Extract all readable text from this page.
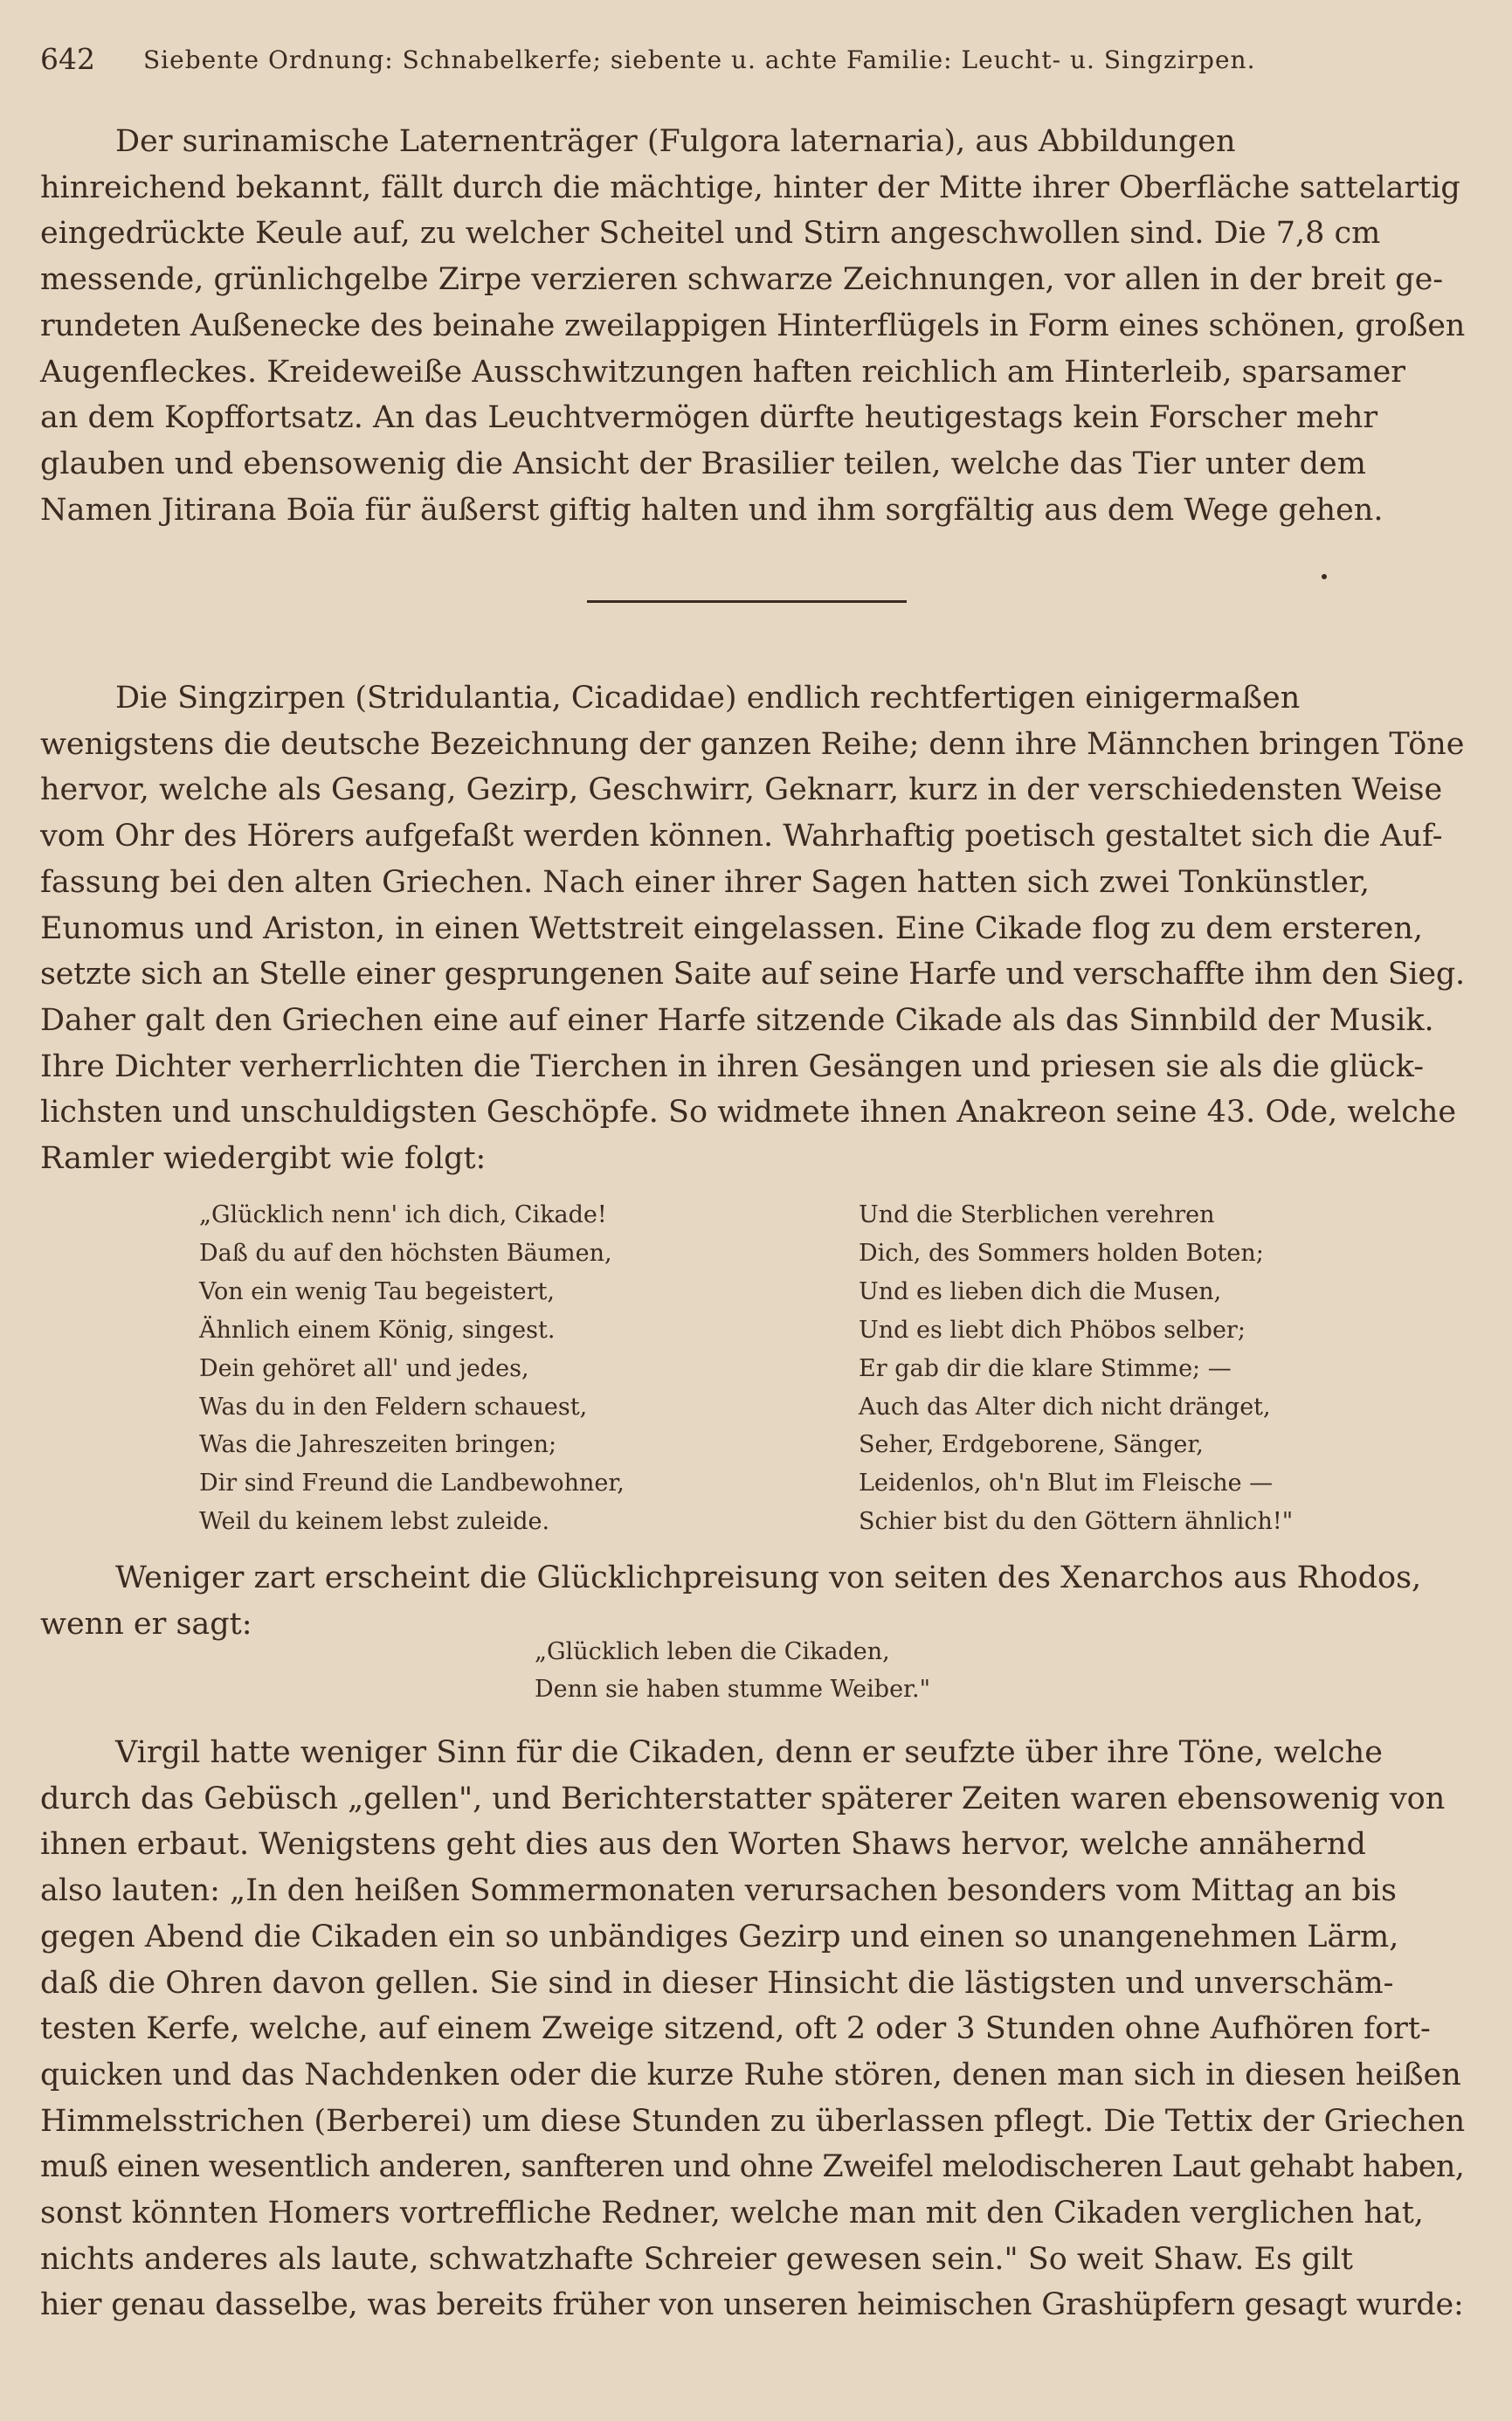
642 Siebente Ordnung: Schnabelkerfe; siebente u. achte Familie: Leucht- u. Singzirpen.

Der surinamische Laternenträger (Fulgora laternaria), aus Abbildungen
hinreichend bekannt, fällt durch die mächtige, hinter der Mitte ihrer Oberfläche sattelartig
eingedrückte Keule auf, zu welcher Scheitel und Stirn angeschwollen sind. Die 7,8 cm
messende, grünlichgelbe Zirpe verzieren schwarze Zeichnungen, vor allen in der breit ge-
rundeten Außenecke des beinahe zweilappigen Hinterflügels in Form eines schönen, großen
Augenfleckes. Kreideweiße Ausschwitzungen haften reichlich am Hinterleib, sparsamer
an dem Kopffortsatz. An das Leuchtvermögen dürfte heutigestags kein Forscher mehr
glauben und ebensowenig die Ansicht der Brasilier teilen, welche das Tier unter dem
Namen Jitirana Boïa für äußerst giftig halten und ihm sorgfältig aus dem Wege gehen.

Die Singzirpen (Stridulantia, Cicadidae) endlich rechtfertigen einigermaßen
wenigstens die deutsche Bezeichnung der ganzen Reihe; denn ihre Männchen bringen Töne
hervor, welche als Gesang, Gezirp, Geschwirr, Geknarr, kurz in der verschiedensten Weise
vom Ohr des Hörers aufgefaßt werden können. Wahrhaftig poetisch gestaltet sich die Auf-
fassung bei den alten Griechen. Nach einer ihrer Sagen hatten sich zwei Tonkünstler,
Eunomus und Ariston, in einen Wettstreit eingelassen. Eine Cikade flog zu dem ersteren,
setzte sich an Stelle einer gesprungenen Saite auf seine Harfe und verschaffte ihm den Sieg.
Daher galt den Griechen eine auf einer Harfe sitzende Cikade als das Sinnbild der Musik.
Ihre Dichter verherrlichten die Tierchen in ihren Gesängen und priesen sie als die glück-
lichsten und unschuldigsten Geschöpfe. So widmete ihnen Anakreon seine 43. Ode, welche
Ramler wiedergibt wie folgt:

„Glücklich nenn' ich dich, Cikade!
Daß du auf den höchsten Bäumen,
Von ein wenig Tau begeistert,
Ähnlich einem König, singest.
Dein gehöret all' und jedes,
Was du in den Feldern schauest,
Was die Jahreszeiten bringen;
Dir sind Freund die Landbewohner,
Weil du keinem lebst zuleide.
Und die Sterblichen verehren
Dich, des Sommers holden Boten;
Und es lieben dich die Musen,
Und es liebt dich Phöbos selber;
Er gab dir die klare Stimme; —
Auch das Alter dich nicht dränget,
Seher, Erdgeborene, Sänger,
Leidenlos, oh'n Blut im Fleische —
Schier bist du den Göttern ähnlich!"

Weniger zart erscheint die Glücklichpreisung von seiten des Xenarchos aus Rhodos,
wenn er sagt:

„Glücklich leben die Cikaden,
Denn sie haben stumme Weiber."

Virgil hatte weniger Sinn für die Cikaden, denn er seufzte über ihre Töne, welche
durch das Gebüsch „gellen", und Berichterstatter späterer Zeiten waren ebensowenig von
ihnen erbaut. Wenigstens geht dies aus den Worten Shaws hervor, welche annähernd
also lauten: „In den heißen Sommermonaten verursachen besonders vom Mittag an bis
gegen Abend die Cikaden ein so unbändiges Gezirp und einen so unangenehmen Lärm,
daß die Ohren davon gellen. Sie sind in dieser Hinsicht die lästigsten und unverschäm-
testen Kerfe, welche, auf einem Zweige sitzend, oft 2 oder 3 Stunden ohne Aufhören fort-
quicken und das Nachdenken oder die kurze Ruhe stören, denen man sich in diesen heißen
Himmelsstrichen (Berberei) um diese Stunden zu überlassen pflegt. Die Tettix der Griechen
muß einen wesentlich anderen, sanfteren und ohne Zweifel melodischeren Laut gehabt haben,
sonst könnten Homers vortreffliche Redner, welche man mit den Cikaden verglichen hat,
nichts anderes als laute, schwatzhafte Schreier gewesen sein." So weit Shaw. Es gilt
hier genau dasselbe, was bereits früher von unseren heimischen Grashüpfern gesagt wurde:
